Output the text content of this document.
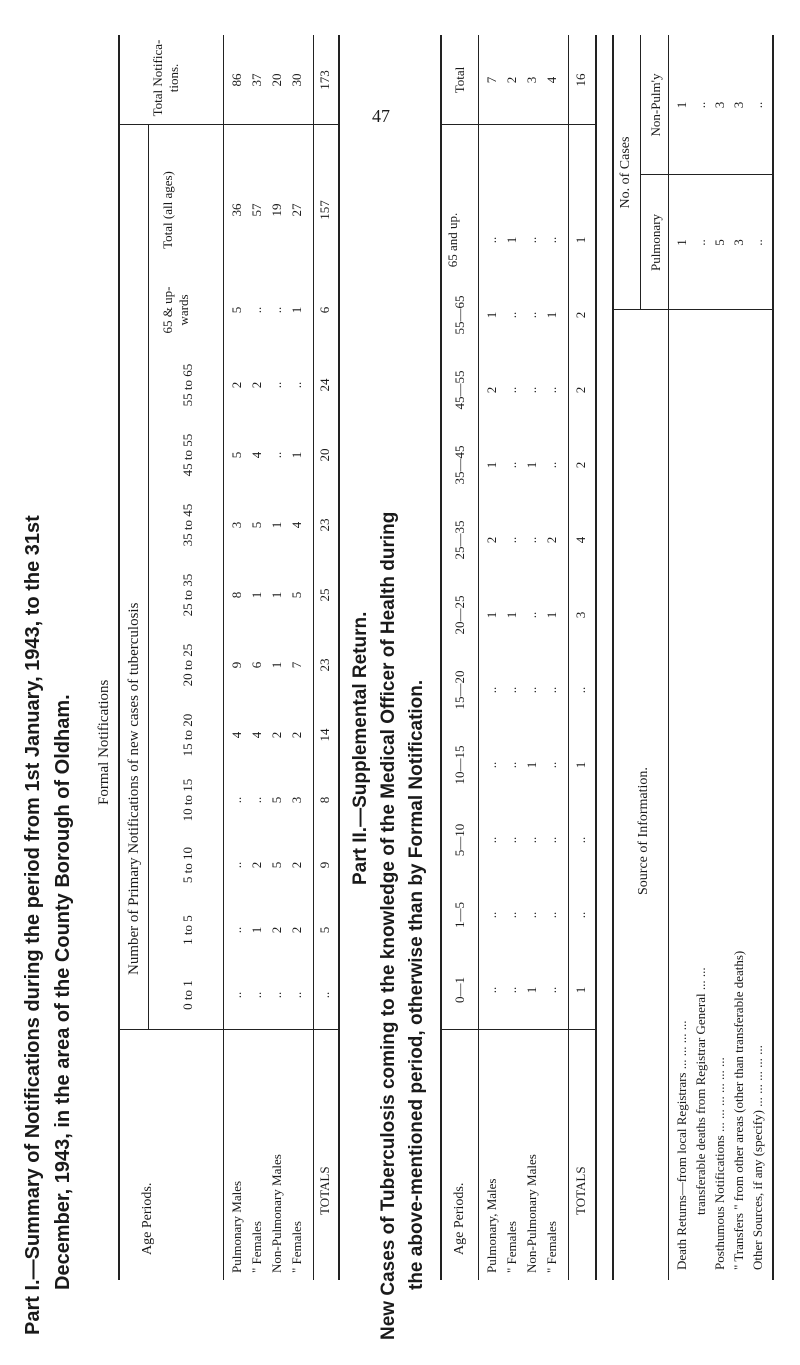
47
Part I.—Summary of Notifications during the period from 1st January, 1943, to the 31st December, 1943, in the area of the County Borough of Oldham. Formal Notifications
Age Periods.
Number of Primary Notifications of new cases of tuberculosis
Total Notifica-tions.
0 to 1
1 to 5
5 to 10
10 to 15
15 to 20
20 to 25
25 to 35
35 to 45
45 to 55
55 to 65
65 & up-wards
Total (all ages)
Pulmonary Males " Females Non-Pulmonary Males " Females
TOTALS
..
..
..
..
4
9
8
3
5
2
5
36
86
..
1
2
..
4
6
1
5
4
2
..
57
37
..
2
5
5
2
1
1
1
..
..
..
19
20
..
2
2
3
2
7
5
4
1
..
1
27
30
..
5
9
8
14
23
25
23
20
24
6
157
173
Part II.—Supplemental Return. New Cases of Tuberculosis coming to the knowledge of the Medical Officer of Health during the above-mentioned period, otherwise than by Formal Notification. Age Periods.
0—1
1—5
5—10
10—15
15—20
20—25
25—35
35—45
45—55
55—65
65 and up.
Total
Pulmonary, Males " Females Non-Pulmonary Males " Females
TOTALS
..
..
..
..
..
1
2
1
2
1
..
7
..
..
..
..
..
1
..
..
..
..
1
2
1
..
..
1
..
..
..
1
..
..
..
3
..
..
..
..
..
1
2
..
..
1
..
4
1
..
..
1
..
3
4
2
2
2
1
16
Source of Information.
No. of Cases
Pulmonary
Non-Pulm'y
Death Returns—from local Registrars ... ... ... ... transferable deaths from Registrar General ... ... Posthumous Notifications ... ... ... ... ... ... " Transfers " from other areas (other than transferable deaths) Other Sources, if any (specify) ... ... ... ... ...
1 .. 5 3 ..
1 .. 3 3 ..
